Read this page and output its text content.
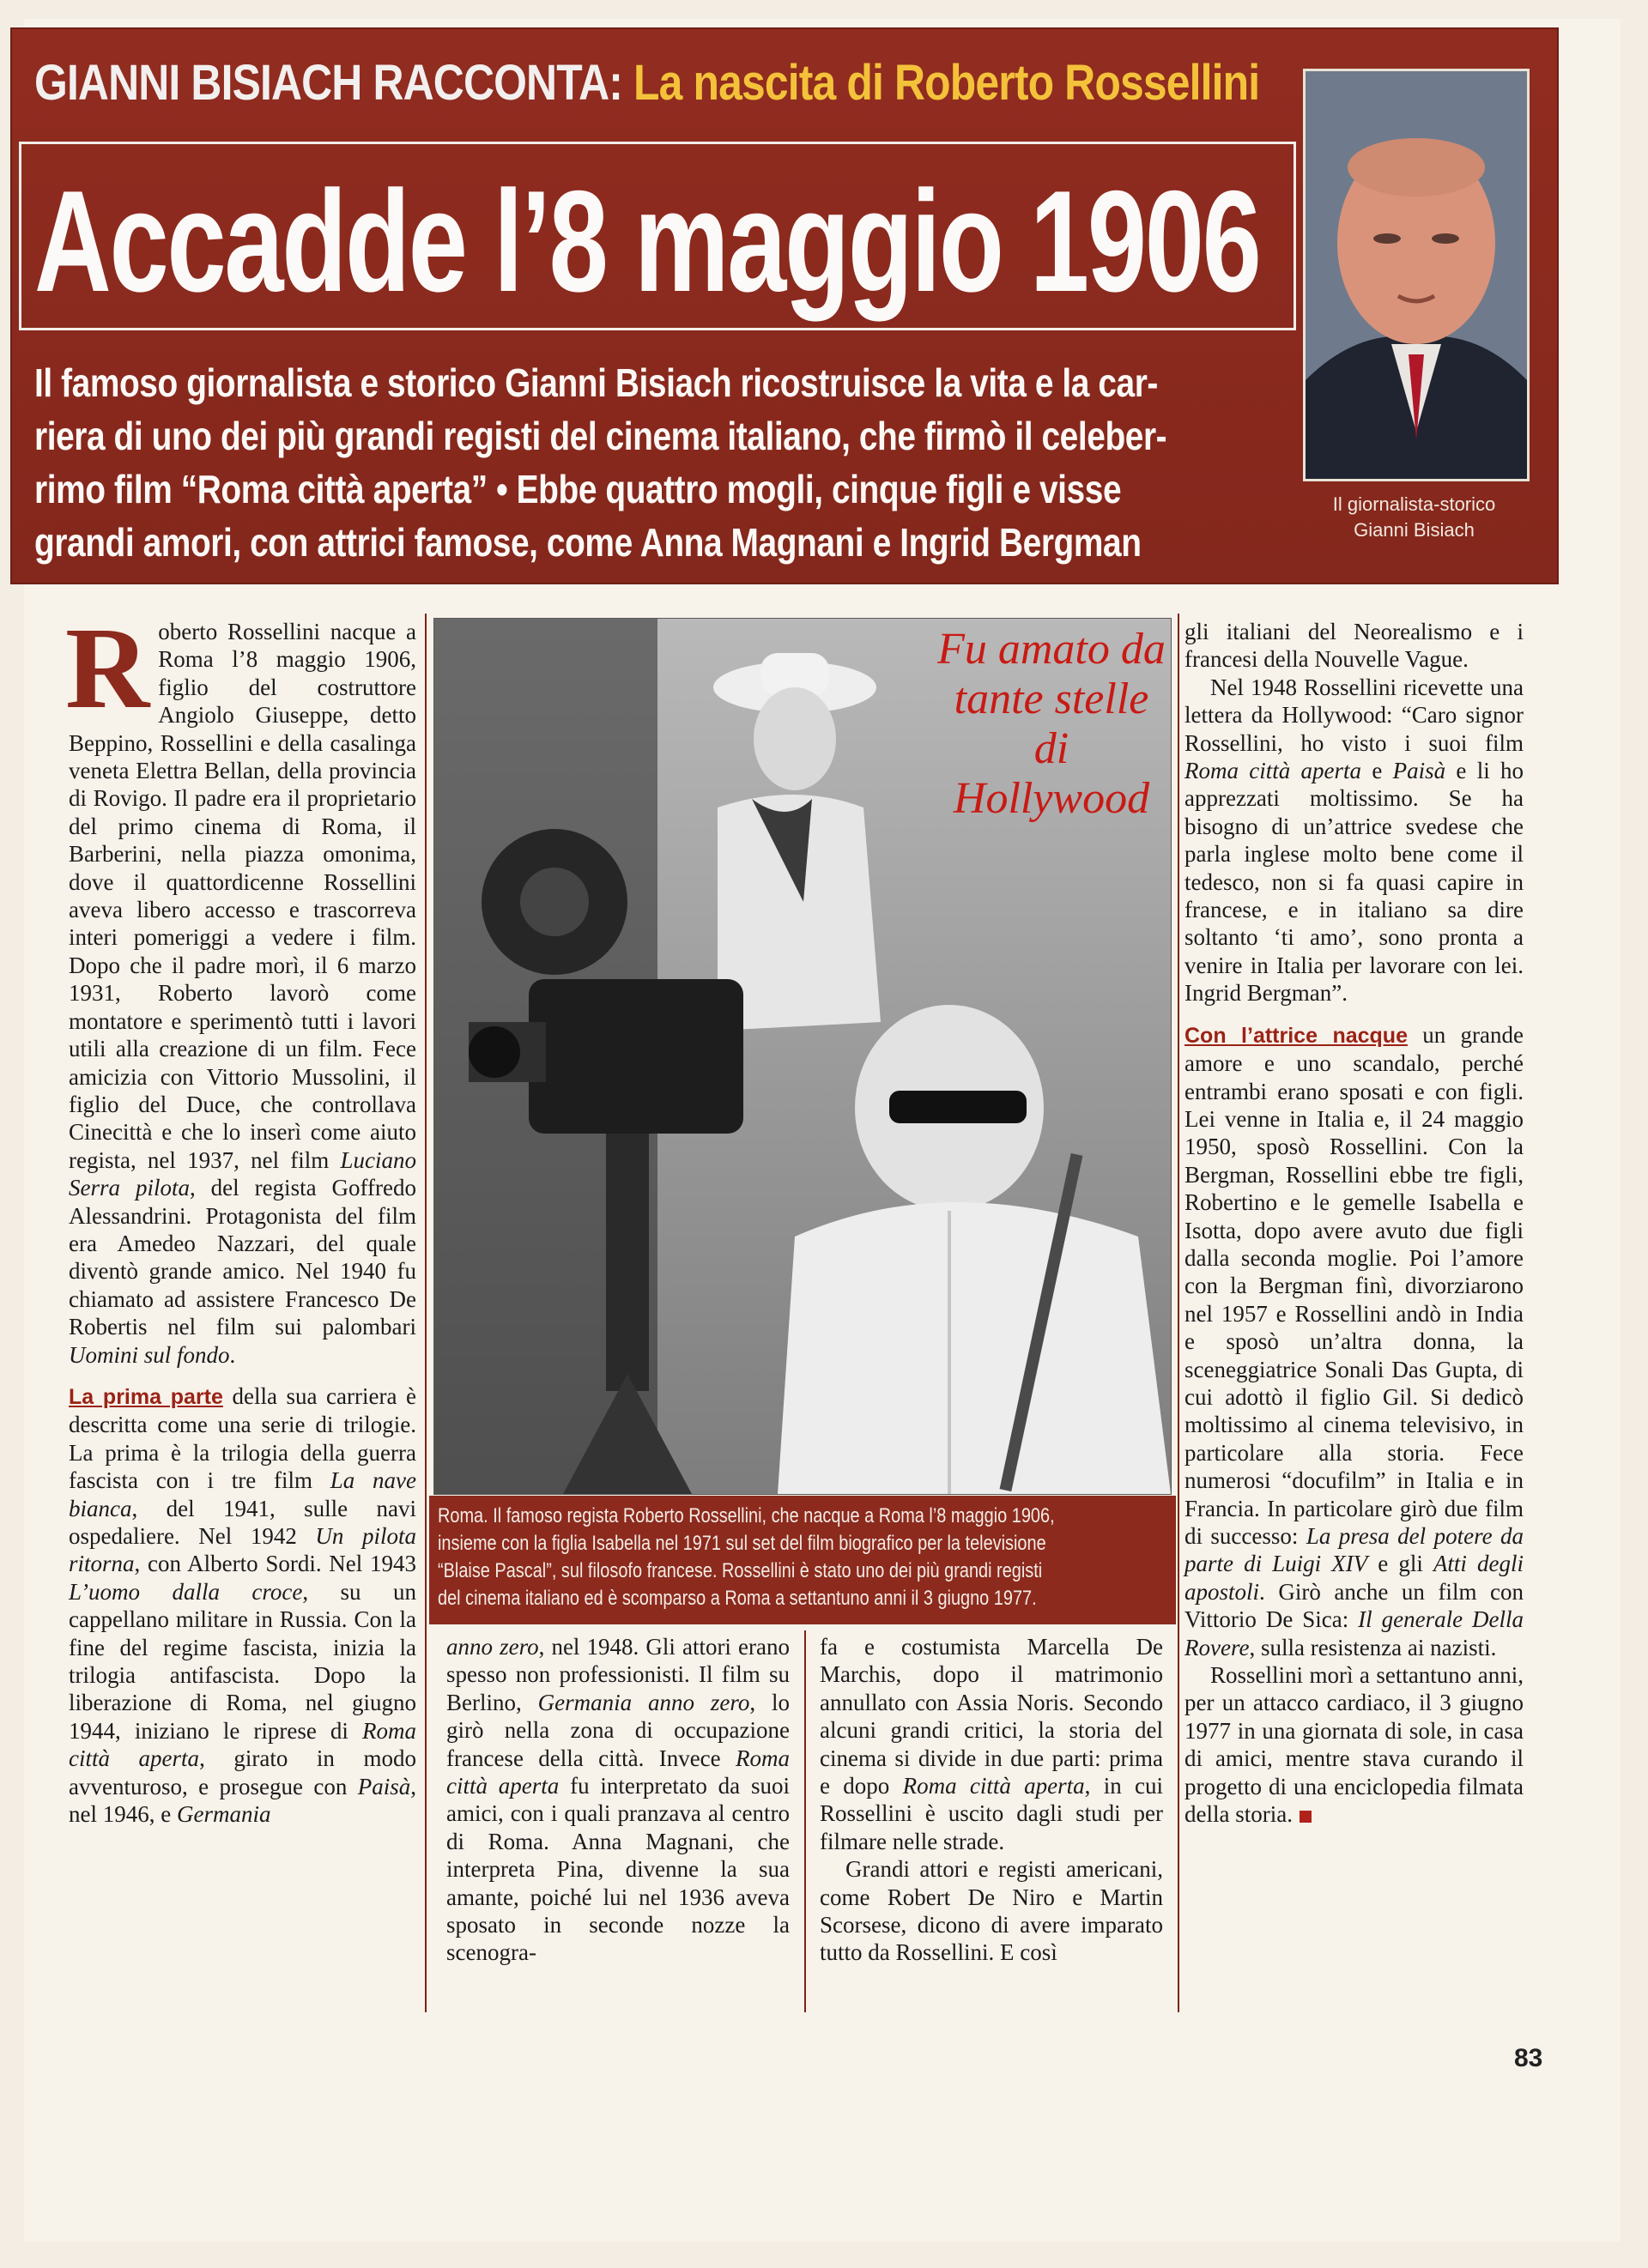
GIANNI BISIACH RACCONTA: La nascita di Roberto Rossellini
Accadde l’8 maggio 1906
Il famoso giornalista e storico Gianni Bisiach ricostruisce la vita e la car-
riera di uno dei più grandi registi del cinema italiano, che firmò il celeber-
rimo film “Roma città aperta” • Ebbe quattro mogli, cinque figli e visse
grandi amori, con attrici famose, come Anna Magnani e Ingrid Bergman
Il giornalista-storico
Gianni Bisiach

Roberto Rossellini nacque a Roma l’8 maggio 1906, figlio del costruttore Angiolo Giuseppe, detto Beppino, Rossellini e della casalinga veneta Elettra Bellan, della provincia di Rovigo. Il padre era il proprietario del primo cinema di Roma, il Barberini, nella piazza omonima, dove il quattordicenne Rossellini aveva libero accesso e trascorreva interi pomeriggi a vedere i film. Dopo che il padre morì, il 6 marzo 1931, Roberto lavorò come montatore e sperimentò tutti i lavori utili alla creazione di un film. Fece amicizia con Vittorio Mussolini, il figlio del Duce, che controllava Cinecittà e che lo inserì come aiuto regista, nel 1937, nel film Luciano Serra pilota, del regista Goffredo Alessandrini. Protagonista del film era Amedeo Nazzari, del quale diventò grande amico. Nel 1940 fu chiamato ad assistere Francesco De Robertis nel film sui palombari Uomini sul fondo.

La prima parte della sua carriera è descritta come una serie di trilogie. La prima è la trilogia della guerra fascista con i tre film La nave bianca, del 1941, sulle navi ospedaliere. Nel 1942 Un pilota ritorna, con Alberto Sordi. Nel 1943 L’uomo dalla croce, su un cappellano militare in Russia. Con la fine del regime fascista, inizia la trilogia antifascista. Dopo la liberazione di Roma, nel giugno 1944, iniziano le riprese di Roma città aperta, girato in modo avventuroso, e prosegue con Paisà, nel 1946, e Germania

Fu amato da tante stelle di Hollywood
Roma. Il famoso regista Roberto Rossellini, che nacque a Roma l’8 maggio 1906,
insieme con la figlia Isabella nel 1971 sul set del film biografico per la televisione
“Blaise Pascal”, sul filosofo francese. Rossellini è stato uno dei più grandi registi
del cinema italiano ed è scomparso a Roma a settantuno anni il 3 giugno 1977.

anno zero, nel 1948. Gli attori erano spesso non professionisti. Il film su Berlino, Germania anno zero, lo girò nella zona di occupazione francese della città. Invece Roma città aperta fu interpretato da suoi amici, con i quali pranzava al centro di Roma. Anna Magnani, che interpreta Pina, divenne la sua amante, poiché lui nel 1936 aveva sposato in seconde nozze la scenogra-

fa e costumista Marcella De Marchis, dopo il matrimonio annullato con Assia Noris. Secondo alcuni grandi critici, la storia del cinema si divide in due parti: prima e dopo Roma città aperta, in cui Rossellini è uscito dagli studi per filmare nelle strade.

Grandi attori e registi americani, come Robert De Niro e Martin Scorsese, dicono di avere imparato tutto da Rossellini. E così

gli italiani del Neorealismo e i francesi della Nouvelle Vague.

Nel 1948 Rossellini ricevette una lettera da Hollywood: “Caro signor Rossellini, ho visto i suoi film Roma città aperta e Paisà e li ho apprezzati moltissimo. Se ha bisogno di un’attrice svedese che parla inglese molto bene come il tedesco, non si fa quasi capire in francese, e in italiano sa dire soltanto ‘ti amo’, sono pronta a venire in Italia per lavorare con lei. Ingrid Bergman”.

Con l’attrice nacque un grande amore e uno scandalo, perché entrambi erano sposati e con figli. Lei venne in Italia e, il 24 maggio 1950, sposò Rossellini. Con la Bergman, Rossellini ebbe tre figli, Robertino e le gemelle Isabella e Isotta, dopo avere avuto due figli dalla seconda moglie. Poi l’amore con la Bergman finì, divorziarono nel 1957 e Rossellini andò in India e sposò un’altra donna, la sceneggiatrice Sonali Das Gupta, di cui adottò il figlio Gil. Si dedicò moltissimo al cinema televisivo, in particolare alla storia. Fece numerosi “docufilm” in Italia e in Francia. In particolare girò due film di successo: La presa del potere da parte di Luigi XIV e gli Atti degli apostoli. Girò anche un film con Vittorio De Sica: Il generale Della Rovere, sulla resistenza ai nazisti.

Rossellini morì a settantuno anni, per un attacco cardiaco, il 3 giugno 1977 in una giornata di sole, in casa di amici, mentre stava curando il progetto di una enciclopedia filmata della storia.

83
